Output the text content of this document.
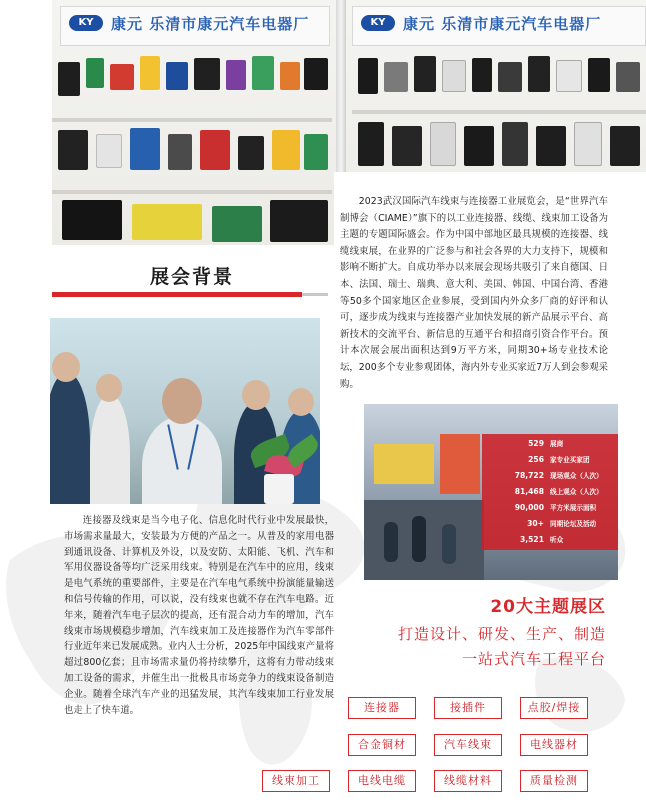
KY	康元 乐清市康元汽车电器厂	KY	康元 乐清市康元汽车电器厂

2023武汉国际汽车线束与连接器工业展览会，是“世界汽车制博会（CIAME）”旗下的以工业连接器、线缆、线束加工设备为主题的专题国际盛会。作为中国中部地区最具规模的连接器、线缆线束展，在业界的广泛参与和社会各界的大力支持下，规模和影响不断扩大。自成功举办以来展会现场共吸引了来自德国、日本、法国、瑞士、瑞典、意大利、美国、韩国、中国台湾、香港等50多个国家地区企业参展，受到国内外众多厂商的好评和认可，逐步成为线束与连接器产业加快发展的新产品展示平台、高新技术的交流平台、新信息的互通平台和招商引资合作平台。预计本次展会展出面积达到9万平方米，同期30+场专业技术论坛，200多个专业参观团体，海内外专业买家近7万人到会参观采购。

展会背景

连接器及线束是当今电子化、信息化时代行业中发展最快，市场需求量最大，安装最为方便的产品之一。从普及的家用电器到通讯设备、计算机及外设，以及安防、太阳能、飞机、汽车和军用仪器设备等均广泛采用线束。特别是在汽车中的应用，线束是电气系统的重要部件，主要是在汽车电气系统中扮演能量输送和信号传输的作用，可以说，没有线束也就不存在汽车电路。近年来，随着汽车电子层次的提高，还有混合动力车的增加，汽车线束市场规模稳步增加，汽车线束加工及连接器作为汽车零部件行业近年来已发展成熟。业内人士分析，2025年中国线束产量将超过800亿套；且市场需求量仍将持续攀升，这将有力带动线束加工设备的需求，并催生出一批极具市场竞争力的线束设备制造企业。随着全球汽车产业的迅猛发展，其汽车线束加工行业发展也走上了快车道。

529 展商
256 家专业买家团
78,722 现场观众（人次）
81,468 线上观众（人次）
90,000 平方米展示面积
30+ 同期论坛及活动
3,521 听众
20大主题展区
打造设计、研发、生产、制造
一站式汽车工程平台
连接器	接插件	点胶/焊接
合金铜材	汽车线束	电线器材
线束加工	电线电缆	线缆材料	质量检测
